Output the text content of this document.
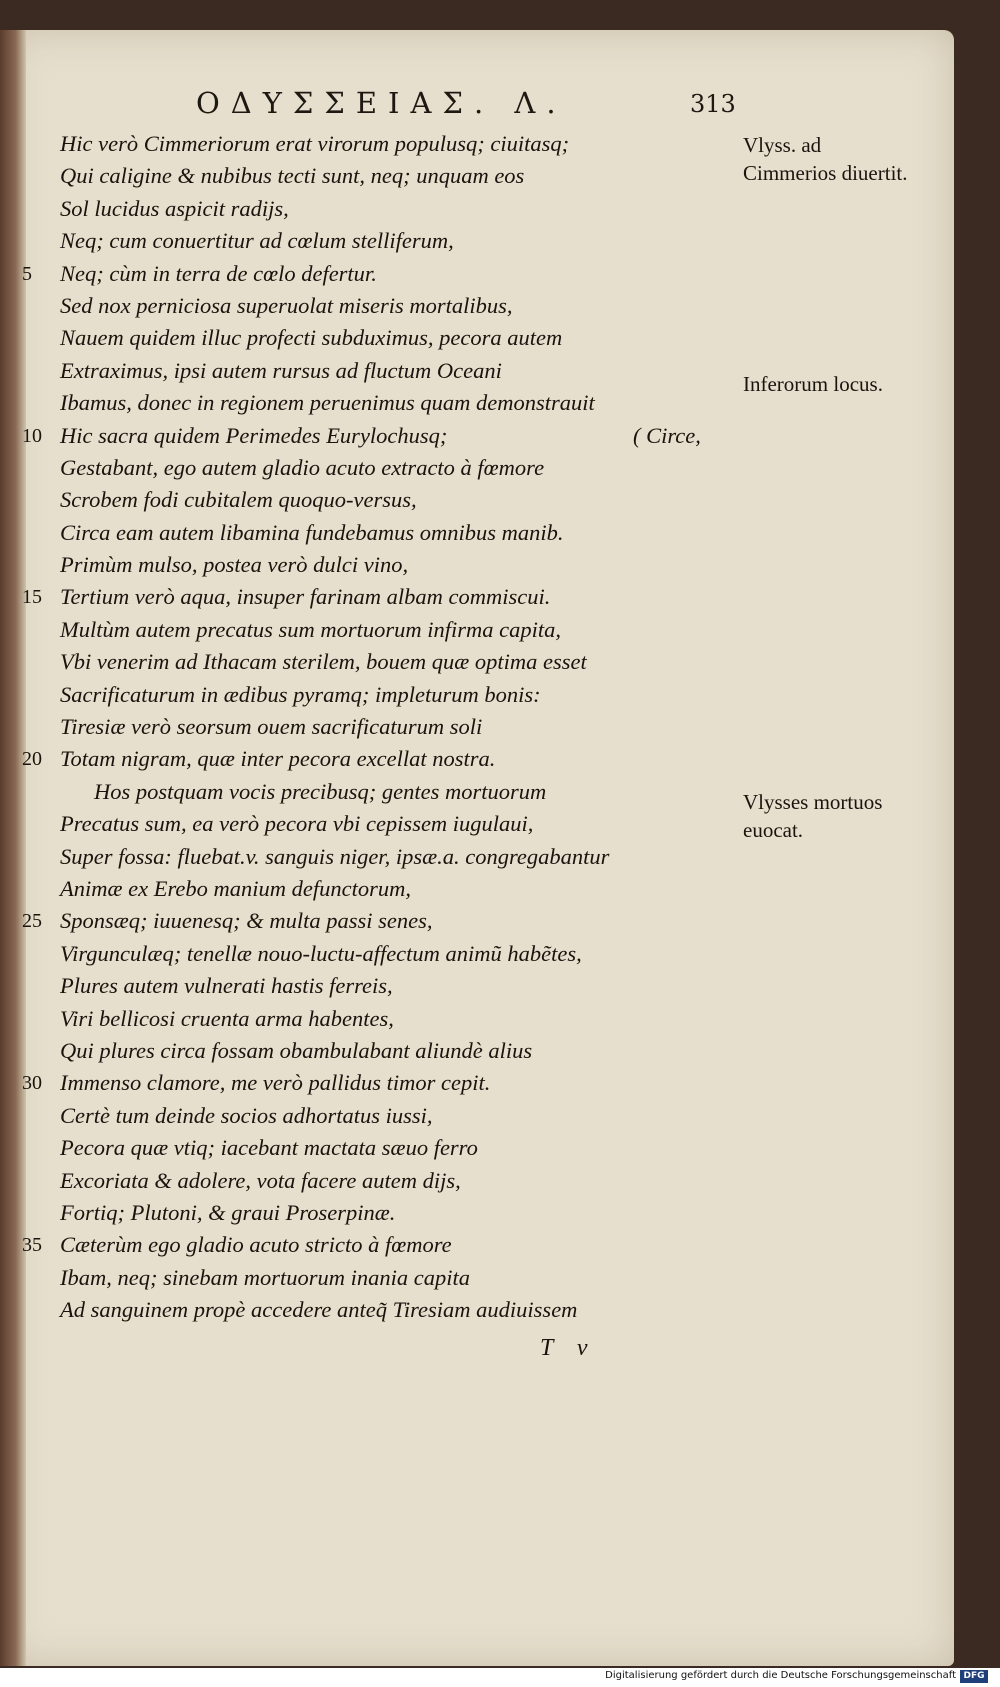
ΟΔΥΣΣΕΙΑΣ. Λ.	313
Hic verò Cimmeriorum erat virorum populusq; ciuitasq;
Qui caligine & nubibus tecti sunt, neq; unquam eos
Sol lucidus aspicit radijs,
Neq; cum conuertitur ad cœlum stelliferum,
5	Neq; cùm in terra de cœlo defertur.
Sed nox perniciosa superuolat miseris mortalibus,
Nauem quidem illuc profecti subduximus, pecora autem
Extraximus, ipsi autem rursus ad fluctum Oceani
Ibamus, donec in regionem peruenimus quam demonstrauit
10 Hic sacra quidem Perimedes Eurylochusq;	( Circe,
Gestabant, ego autem gladio acuto extracto à fœmore
Scrobem fodi cubitalem quoquo-versus,
Circa eam autem libamina fundebamus omnibus manib.
Primùm mulso, postea verò dulci vino,
15 Tertium verò aqua, insuper farinam albam commiscui.
Multùm autem precatus sum mortuorum infirma capita,
Vbi venerim ad Ithacam sterilem, bouem quæ optima esset
Sacrificaturum in ædibus pyramq; impleturum bonis:
Tiresiæ verò seorsum ouem sacrificaturum soli
20 Totam nigram, quæ inter pecora excellat nostra.
Hos postquam vocis precibusq; gentes mortuorum
Precatus sum, ea verò pecora vbi cepissem iugulaui,
Super fossa: fluebat.v. sanguis niger, ipsæ.a. congregabantur
Animæ ex Erebo manium defunctorum,
25 Sponsæq; iuuenesq; & multa passi senes,
Virgunculæq; tenellæ nouo-luctu-affectum animũ habẽtes,
Plures autem vulnerati hastis ferreis,
Viri bellicosi cruenta arma habentes,
Qui plures circa fossam obambulabant aliundè alius
30 Immenso clamore, me verò pallidus timor cepit.
Certè tum deinde socios adhortatus iussi,
Pecora quæ vtiq; iacebant mactata sæuo ferro
Excoriata & adolere, vota facere autem dijs,
Fortiq; Plutoni, & graui Proserpinæ.
35 Cæterùm ego gladio acuto stricto à fœmore
Ibam, neq; sinebam mortuorum inania capita
Ad sanguinem propè accedere anteq̃ Tiresiam audiuissem
Vlyss. ad Cimmerios diuertit.
Inferorum locus.
Vlysses mortuos euocat.
T v
Digitalisierung gefördert durch die Deutsche Forschungsgemeinschaft DFG
